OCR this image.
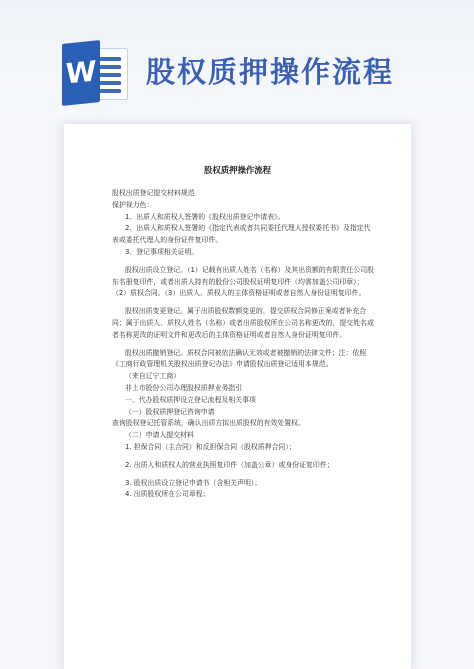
W 股权质押操作流程
股权质押操作流程

股权出质登记提交材料规范

保护视力色：

1、出质人和质权人签署的《股权出质登记申请表》。

2、出质人和质权人签署的《指定代表或者共同委托代理人授权委托书》及指定代表或委托代理人的身份证件复印件。

3、登记事项相关证明。

股权出质设立登记。（1）记载有出质人姓名（名称）及其出资额的有限责任公司股东名册复印件，或者出质人持有的股份公司股权证明复印件（均需加盖公司印章）；（2）质权合同。（3）出质人、质权人的主体资格证明或者自然人身份证明复印件。

股权出质变更登记。属于出质股权数额变更的，提交质权合同修正案或者补充合同；属于出质人、质权人姓名（名称）或者出质股权所在公司名称更改的，提交姓名或者名称更改的证明文件和更改后的主体资格证明或者自然人身份证明复印件。

股权出质撤销登记。质权合同被依法确认无效或者被撤销的法律文件；注：依照《工商行政管理机关股权出质登记办法》申请股权出质登记适用本规范。

（来自辽宁工商）

非上市股份公司办理股权质押业务指引

一、代办股权质押设立登记流程及相关事项

（一）股权质押登记咨询申请

查询股权登记托管系统，确认出质方拟出质股权的有效处置权。

（二）申请人提交材料

1. 担保合同（主合同）和反担保合同（股权质押合同）；

2. 出质人和质权人的营业执照复印件（加盖公章）或身份证复印件；

3. 股权出质设立登记申请书（含相关声明）；

4. 出质股权所在公司章程；
